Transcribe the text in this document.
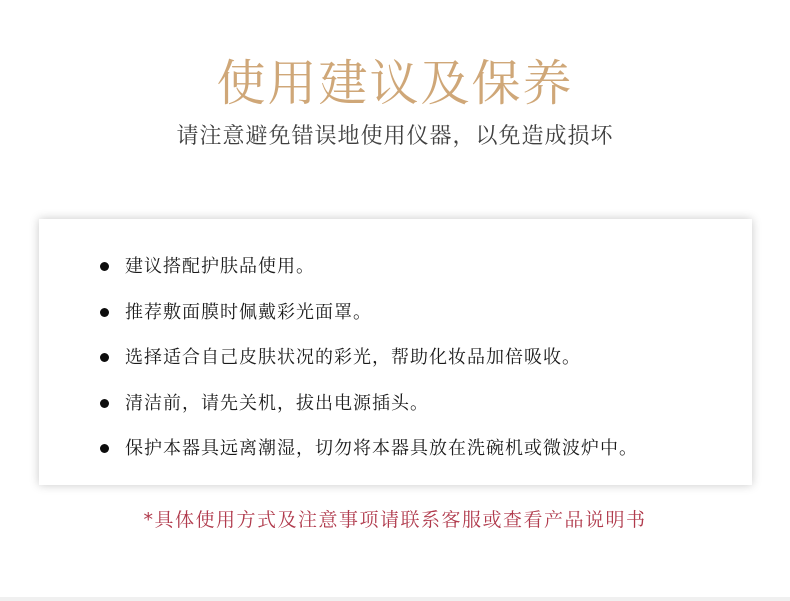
使用建议及保养
请注意避免错误地使用仪器，以免造成损坏
建议搭配护肤品使用。
推荐敷面膜时佩戴彩光面罩。
选择适合自己皮肤状况的彩光，帮助化妆品加倍吸收。
清洁前，请先关机，拔出电源插头。
保护本器具远离潮湿，切勿将本器具放在洗碗机或微波炉中。
*具体使用方式及注意事项请联系客服或查看产品说明书
